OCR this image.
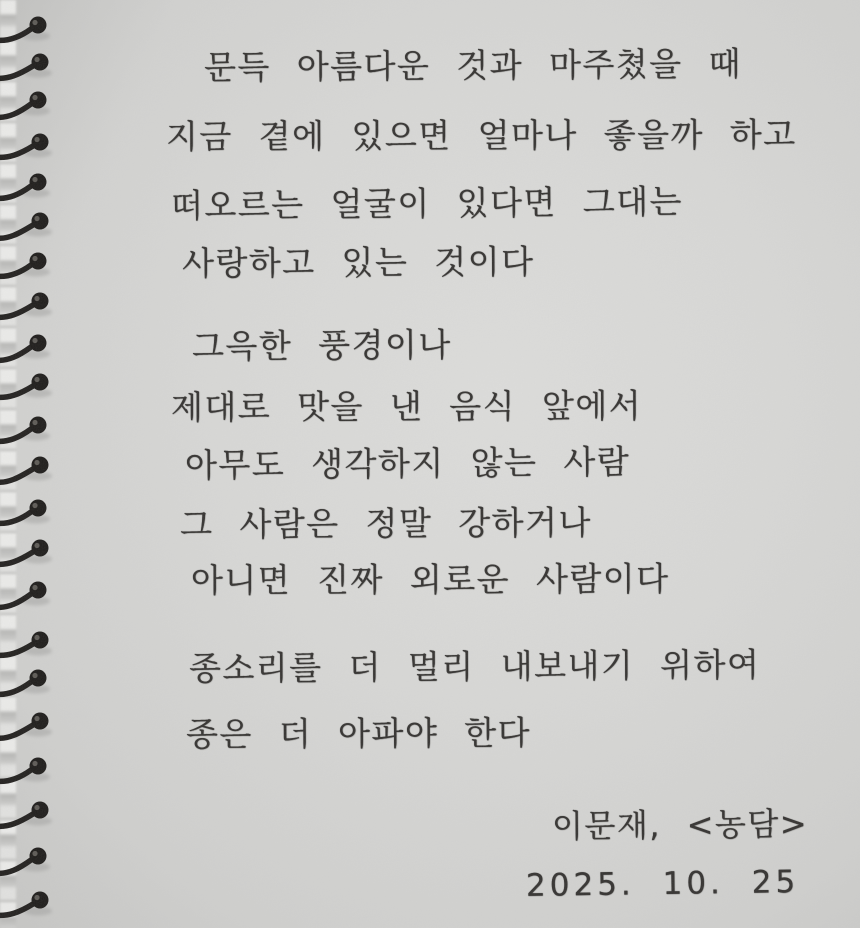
문득 아름다운 것과 마주쳤을 때
지금 곁에 있으면 얼마나 좋을까 하고
떠오르는 얼굴이 있다면 그대는
사랑하고 있는 것이다
그윽한 풍경이나
제대로 맛을 낸 음식 앞에서
아무도 생각하지 않는 사람
그 사람은 정말 강하거나
아니면 진짜 외로운 사람이다
종소리를 더 멀리 내보내기 위하여
종은 더 아파야 한다
이문재, <농담>
2025. 10. 25
